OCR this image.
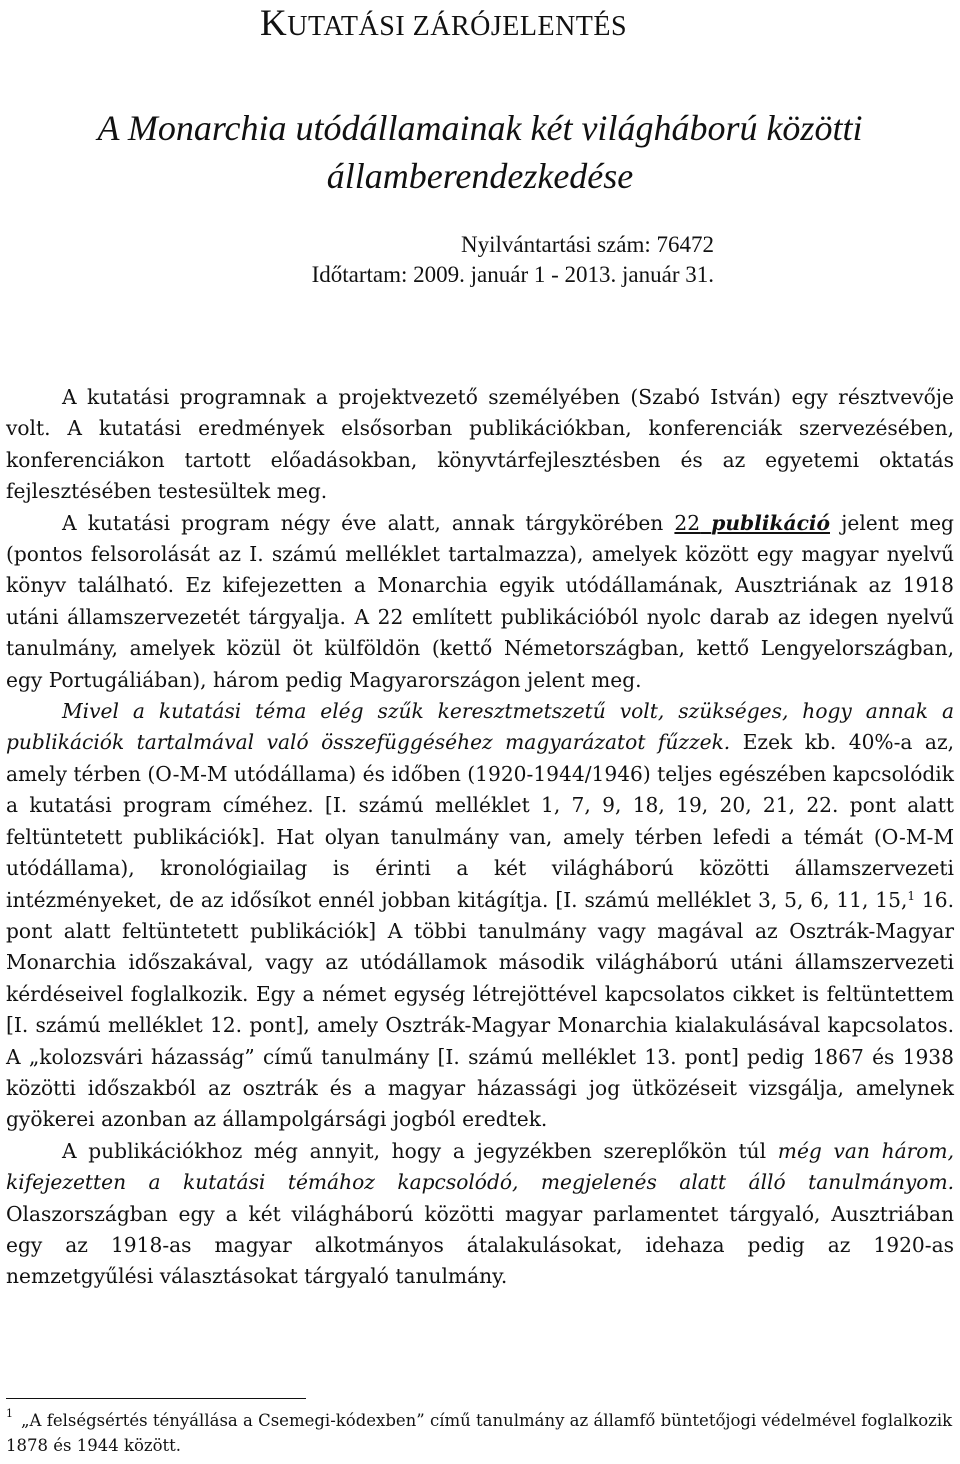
KUTATÁSI ZÁRÓJELENTÉS
A Monarchia utódállamainak két világháború közötti
államberendezkedése
Nyilvántartási szám: 76472
Időtartam: 2009. január 1 - 2013. január 31.

A kutatási programnak a projektvezető személyében (Szabó István) egy résztvevője volt. A kutatási eredmények elsősorban publikációkban, konferenciák szervezésében, konferenciákon tartott előadásokban, könyvtárfejlesztésben és az egyetemi oktatás fejlesztésében testesültek meg.

A kutatási program négy éve alatt, annak tárgykörében 22 publikáció jelent meg (pontos felsorolását az I. számú melléklet tartalmazza), amelyek között egy magyar nyelvű könyv található. Ez kifejezetten a Monarchia egyik utódállamának, Ausztriának az 1918 utáni államszervezetét tárgyalja. A 22 említett publikációból nyolc darab az idegen nyelvű tanulmány, amelyek közül öt külföldön (kettő Németországban, kettő Lengyelországban, egy Portugáliában), három pedig Magyarországon jelent meg.

Mivel a kutatási téma elég szűk keresztmetszetű volt, szükséges, hogy annak a publikációk tartalmával való összefüggéséhez magyarázatot fűzzek. Ezek kb. 40%-a az, amely térben (O-M-M utódállama) és időben (1920-1944/1946) teljes egészében kapcsolódik a kutatási program címéhez. [I. számú melléklet 1, 7, 9, 18, 19, 20, 21, 22. pont alatt feltüntetett publikációk]. Hat olyan tanulmány van, amely térben lefedi a témát (O-M-M utódállama), kronológiailag is érinti a két világháború közötti államszervezeti intézményeket, de az idősíkot ennél jobban kitágítja. [I. számú melléklet 3, 5, 6, 11, 15,$^1$ 16. pont alatt feltüntetett publikációk] A többi tanulmány vagy magával az Osztrák-Magyar Monarchia időszakával, vagy az utódállamok második világháború utáni államszervezeti kérdéseivel foglalkozik. Egy a német egység létrejöttével kapcsolatos cikket is feltüntettem [I. számú melléklet 12. pont], amely Osztrák-Magyar Monarchia kialakulásával kapcsolatos. A „kolozsvári házasság” című tanulmány [I. számú melléklet 13. pont] pedig 1867 és 1938 közötti időszakból az osztrák és a magyar házassági jog ütközéseit vizsgálja, amelynek gyökerei azonban az állampolgársági jogból eredtek.

A publikációkhoz még annyit, hogy a jegyzékben szereplőkön túl még van három, kifejezetten a kutatási témához kapcsolódó, megjelenés alatt álló tanulmányom. Olaszországban egy a két világháború közötti magyar parlamentet tárgyaló, Ausztriában egy az 1918-as magyar alkotmányos átalakulásokat, idehaza pedig az 1920-as nemzetgyűlési választásokat tárgyaló tanulmány.

$^1$ „A felségsértés tényállása a Csemegi-kódexben” című tanulmány az államfő büntetőjogi védelmével foglalkozik 1878 és 1944 között.
